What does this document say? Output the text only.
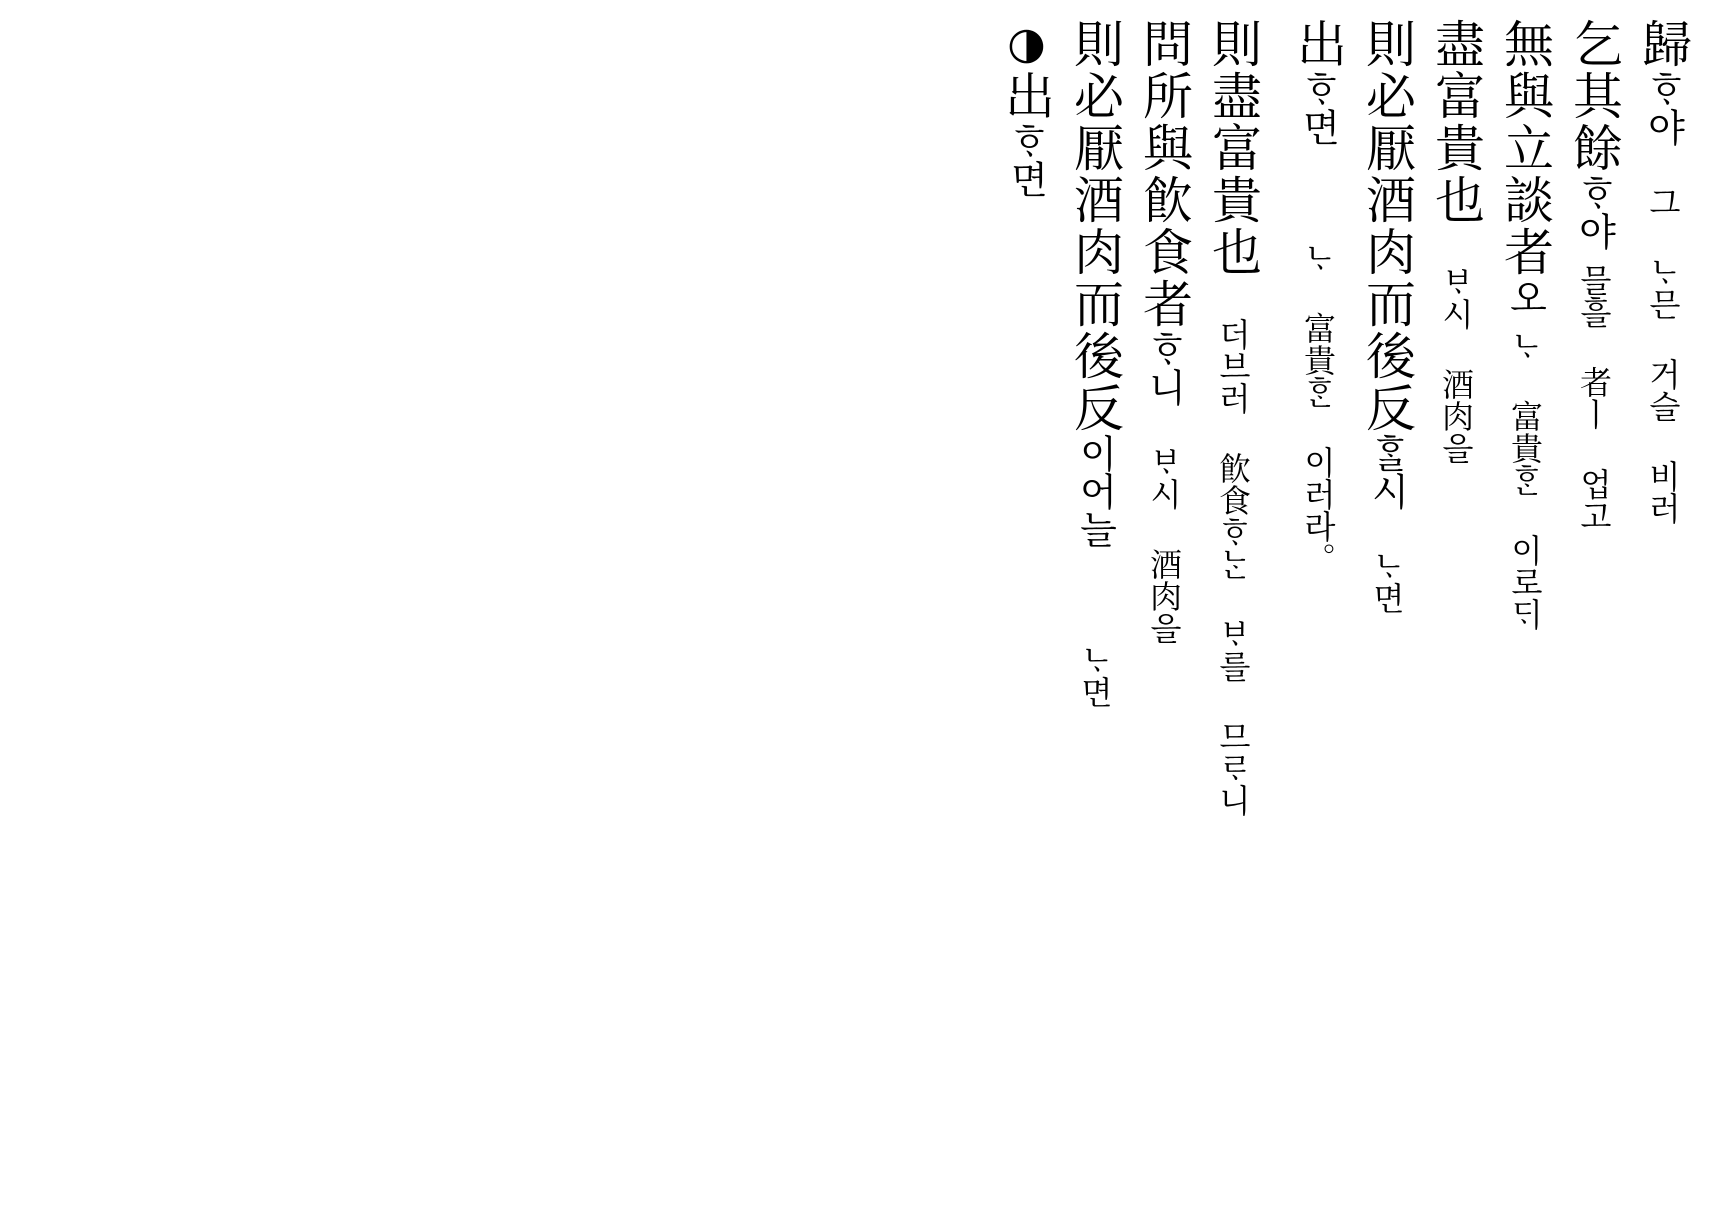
◑出ᄒᆞ면 則必厭酒肉而後反이어늘ᄂᆞ면
問所與飮食者ᄒᆞ니ᄇᆞ시 酒肉을
則盡富貴也더브러 飮食ᄒᆞᄂᆞᆫ ᄇᆞ를 므ᄅᆞ니
出ᄒᆞ면ᄂᆞ 富貴ᄒᆞᆫ 이러라。 則必厭酒肉而後反ᄒᆞᆯ시ᄂᆞ면
盡富貴也ᄇᆞ시 酒肉을
無與立談者오ᄂᆞ 富貴ᄒᆞᆫ 이로ᄃᆡ
乞其餘ᄒᆞ야믈흘 者ㅣ 업고
歸ᄒᆞ야그 ᄂᆞ믄 거슬 비러
